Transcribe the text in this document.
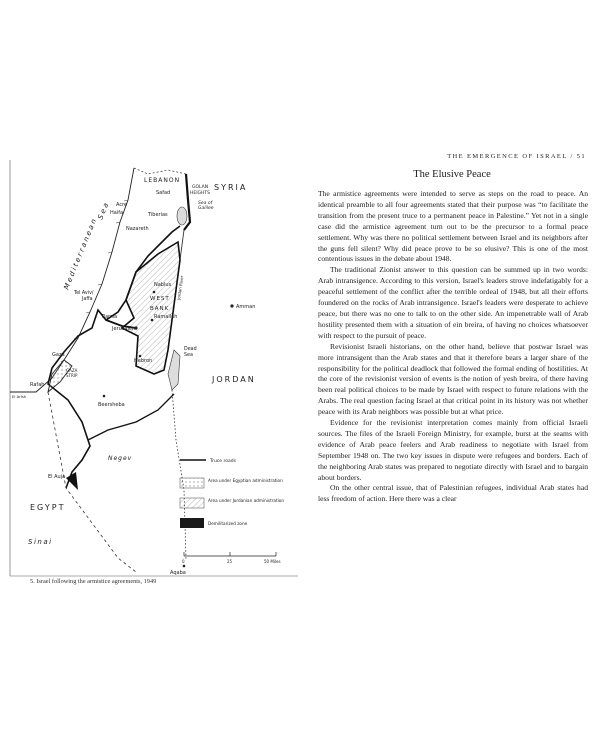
THE EMERGENCE OF ISRAEL / 51
LEBANON
SYRIA
GOLAN
HEIGHTS
Sea of
Galilee
Mediterranean
Sea
Safad
Acre
Haifa	Tiberias
Nazareth
Nablus
WEST
BANK
Ramallah
Jordan River
Amman
Tel Aviv/
Jaffa
Ramla
Jerusalem
Gaza
GAZA
STRIP
Hebron
Dead
Sea
Rafah
El Arish
Beersheba
JORDAN
El Auja
Negev
EGYPT
Sinai
Aqaba
Truce roads
Area under Egyptian administration
Area under Jordanian administration
Demilitarized zone
0	25	50 Miles
5. Israel following the armistice agreements, 1949
The Elusive Peace

The armistice agreements were intended to serve as steps on the road to peace. An identical preamble to all four agreements stated that their purpose was “to facilitate the transition from the present truce to a permanent peace in Palestine.” Yet not in a single case did the armistice agreement turn out to be the precursor to a formal peace settlement. Why was there no political settlement between Israel and its neighbors after the guns fell silent? Why did peace prove to be so elusive? This is one of the most contentious issues in the debate about 1948.

The traditional Zionist answer to this question can be summed up in two words: Arab intransigence. According to this version, Israel's leaders strove indefatigably for a peaceful settlement of the conflict after the terrible ordeal of 1948, but all their efforts foundered on the rocks of Arab intransigence. Israel's leaders were desperate to achieve peace, but there was no one to talk to on the other side. An impenetrable wall of Arab hostility presented them with a situation of ein breira, of having no choices whatsoever with respect to the pursuit of peace.

Revisionist Israeli historians, on the other hand, believe that postwar Israel was more intransigent than the Arab states and that it therefore bears a larger share of the responsibility for the political deadlock that followed the formal ending of hostilities. At the core of the revisionist version of events is the notion of yesh breira, of there having been real political choices to be made by Israel with respect to future relations with the Arabs. The real question facing Israel at that critical point in its history was not whether peace with its Arab neighbors was possible but at what price.

Evidence for the revisionist interpretation comes mainly from official Israeli sources. The files of the Israeli Foreign Ministry, for example, burst at the seams with evidence of Arab peace feelers and Arab readiness to negotiate with Israel from September 1948 on. The two key issues in dispute were refugees and borders. Each of the neighboring Arab states was prepared to negotiate directly with Israel and to bargain about borders.

On the other central issue, that of Palestinian refugees, individual Arab states had less freedom of action. Here there was a clear
